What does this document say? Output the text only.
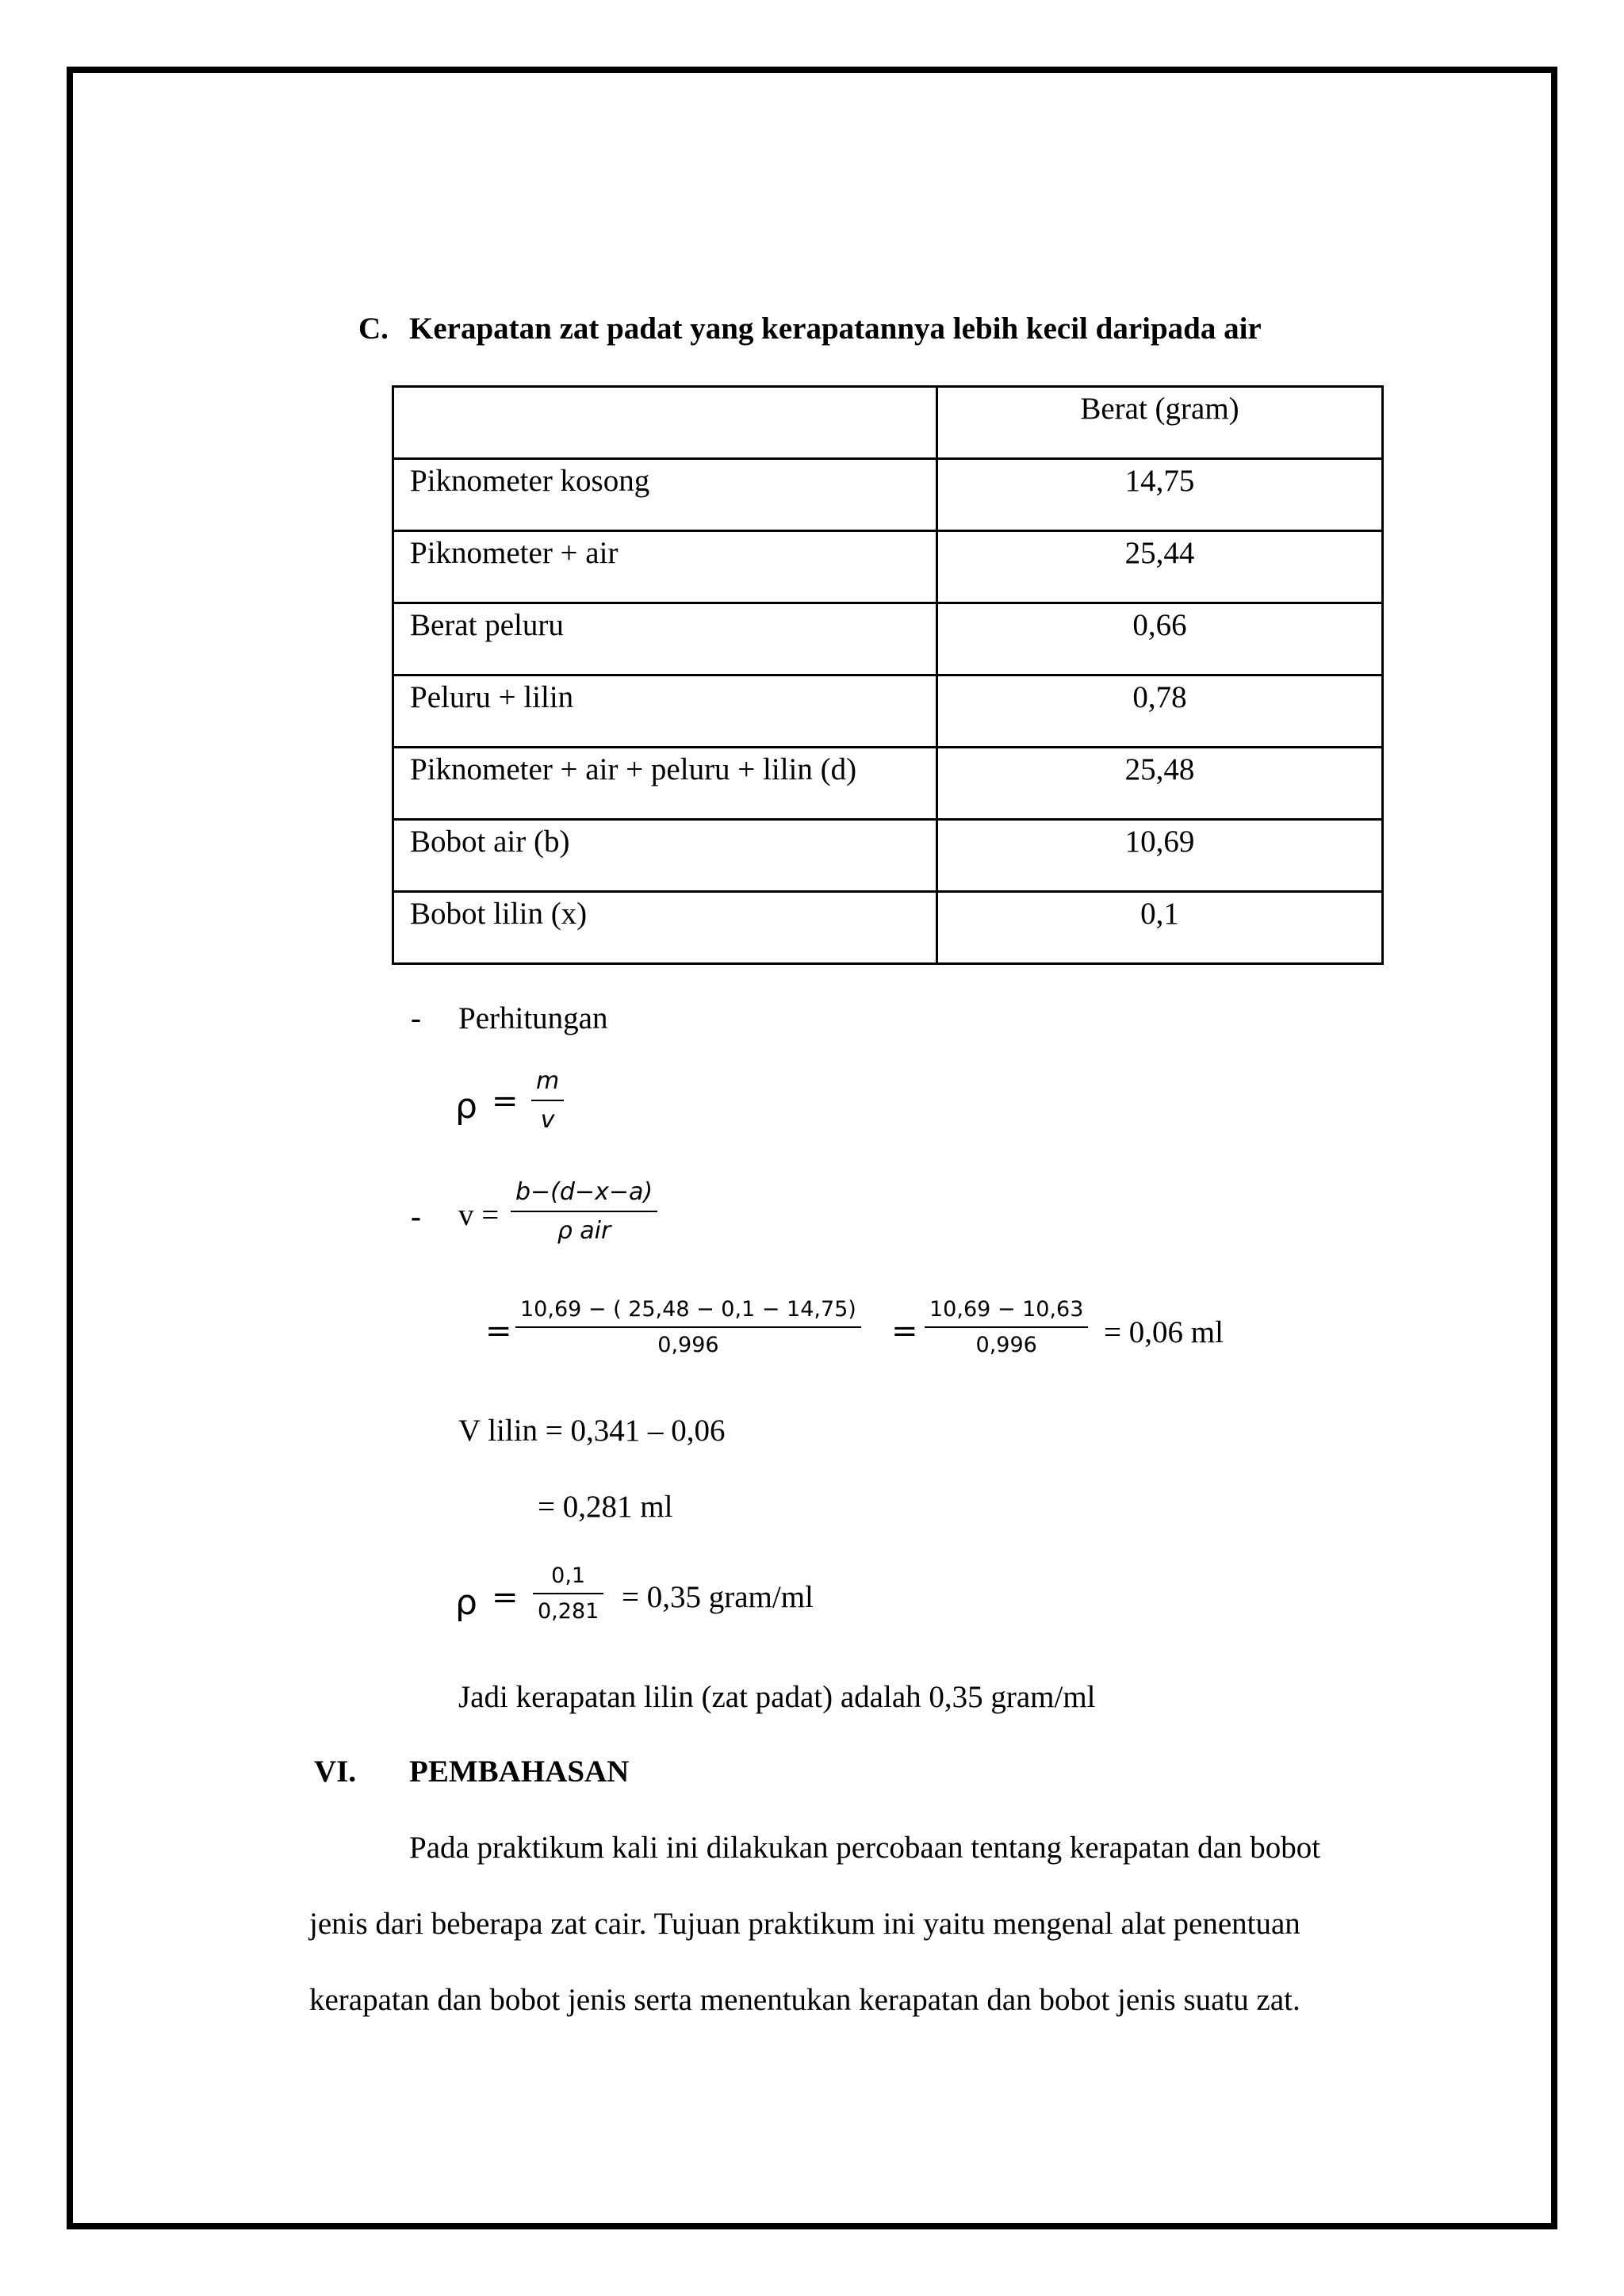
C. Kerapatan zat padat yang kerapatannya lebih kecil daripada air
	Berat (gram)
Piknometer kosong	14,75
Piknometer + air	25,44
Berat peluru	0,66
Peluru + lilin	0,78
Piknometer + air + peluru + lilin (d)	25,48
Bobot air (b)	10,69
Bobot lilin (x)	0,1
- Perhitungan
ρ =
m
v
- v =
b−(d−x−a)
ρ air
=
10,69 − ( 25,48 − 0,1 − 14,75)
0,996	=
10,69 − 10,63
0,996 = 0,06 ml
V lilin = 0,341 – 0,06
= 0,281 ml
ρ =
0,1
0,281 = 0,35 gram/ml
Jadi kerapatan lilin (zat padat) adalah 0,35 gram/ml
VI. PEMBAHASAN
Pada praktikum kali ini dilakukan percobaan tentang kerapatan dan bobot
jenis dari beberapa zat cair. Tujuan praktikum ini yaitu mengenal alat penentuan
kerapatan dan bobot jenis serta menentukan kerapatan dan bobot jenis suatu zat.
